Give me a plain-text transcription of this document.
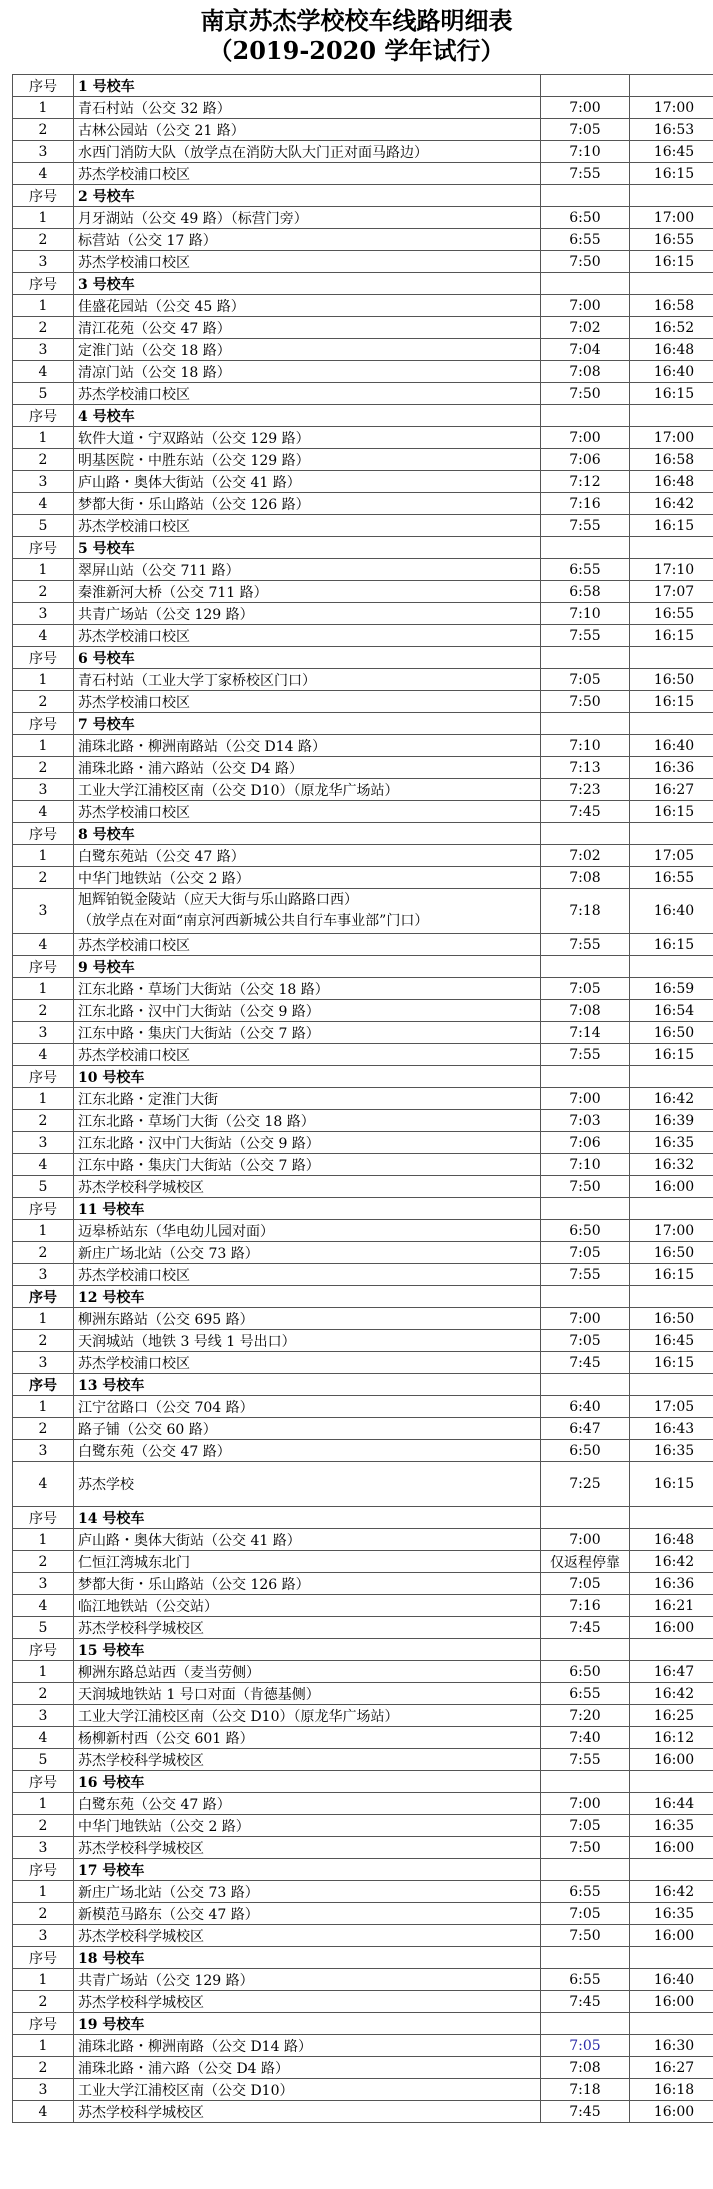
南京苏杰学校校车线路明细表
（2019-2020 学年试行）
序号	1 号校车		
1	青石村站（公交 32 路）	7:00	17:00
2	古林公园站（公交 21 路）	7:05	16:53
3	水西门消防大队（放学点在消防大队大门正对面马路边）	7:10	16:45
4	苏杰学校浦口校区	7:55	16:15
序号	2 号校车		
1	月牙湖站（公交 49 路）（标营门旁）	6:50	17:00
2	标营站（公交 17 路）	6:55	16:55
3	苏杰学校浦口校区	7:50	16:15
序号	3 号校车		
1	佳盛花园站（公交 45 路）	7:00	16:58
2	清江花苑（公交 47 路）	7:02	16:52
3	定淮门站（公交 18 路）	7:04	16:48
4	清凉门站（公交 18 路）	7:08	16:40
5	苏杰学校浦口校区	7:50	16:15
序号	4 号校车		
1	软件大道・宁双路站（公交 129 路）	7:00	17:00
2	明基医院・中胜东站（公交 129 路）	7:06	16:58
3	庐山路・奥体大街站（公交 41 路）	7:12	16:48
4	梦都大街・乐山路站（公交 126 路）	7:16	16:42
5	苏杰学校浦口校区	7:55	16:15
序号	5 号校车		
1	翠屏山站（公交 711 路）	6:55	17:10
2	秦淮新河大桥（公交 711 路）	6:58	17:07
3	共青广场站（公交 129 路）	7:10	16:55
4	苏杰学校浦口校区	7:55	16:15
序号	6 号校车		
1	青石村站（工业大学丁家桥校区门口）	7:05	16:50
2	苏杰学校浦口校区	7:50	16:15
序号	7 号校车		
1	浦珠北路・柳洲南路站（公交 D14 路）	7:10	16:40
2	浦珠北路・浦六路站（公交 D4 路）	7:13	16:36
3	工业大学江浦校区南（公交 D10）（原龙华广场站）	7:23	16:27
4	苏杰学校浦口校区	7:45	16:15
序号	8 号校车		
1	白鹭东苑站（公交 47 路）	7:02	17:05
2	中华门地铁站（公交 2 路）	7:08	16:55
3	旭辉铂锐金陵站（应天大街与乐山路路口西）
（放学点在对面“南京河西新城公共自行车事业部”门口）	7:18	16:40
4	苏杰学校浦口校区	7:55	16:15
序号	9 号校车		
1	江东北路・草场门大街站（公交 18 路）	7:05	16:59
2	江东北路・汉中门大街站（公交 9 路）	7:08	16:54
3	江东中路・集庆门大街站（公交 7 路）	7:14	16:50
4	苏杰学校浦口校区	7:55	16:15
序号	10 号校车		
1	江东北路・定淮门大街	7:00	16:42
2	江东北路・草场门大街（公交 18 路）	7:03	16:39
3	江东北路・汉中门大街站（公交 9 路）	7:06	16:35
4	江东中路・集庆门大街站（公交 7 路）	7:10	16:32
5	苏杰学校科学城校区	7:50	16:00
序号	11 号校车		
1	迈皋桥站东（华电幼儿园对面）	6:50	17:00
2	新庄广场北站（公交 73 路）	7:05	16:50
3	苏杰学校浦口校区	7:55	16:15
序号	12 号校车		
1	柳洲东路站（公交 695 路）	7:00	16:50
2	天润城站（地铁 3 号线 1 号出口）	7:05	16:45
3	苏杰学校浦口校区	7:45	16:15
序号	13 号校车		
1	江宁岔路口（公交 704 路）	6:40	17:05
2	路子铺（公交 60 路）	6:47	16:43
3	白鹭东苑（公交 47 路）	6:50	16:35
4	苏杰学校	7:25	16:15
序号	14 号校车		
1	庐山路・奥体大街站（公交 41 路）	7:00	16:48
2	仁恒江湾城东北门	仅返程停靠	16:42
3	梦都大街・乐山路站（公交 126 路）	7:05	16:36
4	临江地铁站（公交站）	7:16	16:21
5	苏杰学校科学城校区	7:45	16:00
序号	15 号校车		
1	柳洲东路总站西（麦当劳侧）	6:50	16:47
2	天润城地铁站 1 号口对面（肯德基侧）	6:55	16:42
3	工业大学江浦校区南（公交 D10）（原龙华广场站）	7:20	16:25
4	杨柳新村西（公交 601 路）	7:40	16:12
5	苏杰学校科学城校区	7:55	16:00
序号	16 号校车		
1	白鹭东苑（公交 47 路）	7:00	16:44
2	中华门地铁站（公交 2 路）	7:05	16:35
3	苏杰学校科学城校区	7:50	16:00
序号	17 号校车		
1	新庄广场北站（公交 73 路）	6:55	16:42
2	新模范马路东（公交 47 路）	7:05	16:35
3	苏杰学校科学城校区	7:50	16:00
序号	18 号校车		
1	共青广场站（公交 129 路）	6:55	16:40
2	苏杰学校科学城校区	7:45	16:00
序号	19 号校车		
1	浦珠北路・柳洲南路（公交 D14 路）	7:05	16:30
2	浦珠北路・浦六路（公交 D4 路）	7:08	16:27
3	工业大学江浦校区南（公交 D10）	7:18	16:18
4	苏杰学校科学城校区	7:45	16:00
